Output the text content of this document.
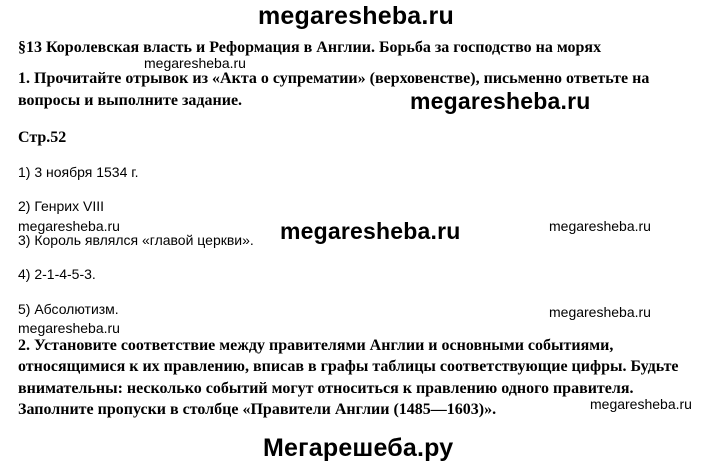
megaresheba.ru
§13 Королевская власть и Реформация в Англии. Борьба за господство на морях
megaresheba.ru
1. Прочитайте отрывок из «Акта о супрематии» (верховенстве), письменно ответьте на
вопросы и выполните задание.	megaresheba.ru
Стр.52
1) 3 ноября 1534 г.
2) Генрих VIII
megaresheba.ru	megaresheba.ru	megaresheba.ru
3) Король являлся «главой церкви».
4) 2-1-4-5-3.
5) Абсолютизм.	megaresheba.ru
megaresheba.ru
2. Установите соответствие между правителями Англии и основными событиями,
относящимися к их правлению, вписав в графы таблицы соответствующие цифры. Будьте
внимательны: несколько событий могут относиться к правлению одного правителя.
Заполните пропуски в столбце «Правители Англии (1485—1603)».	megaresheba.ru
Мегарешеба.ру
